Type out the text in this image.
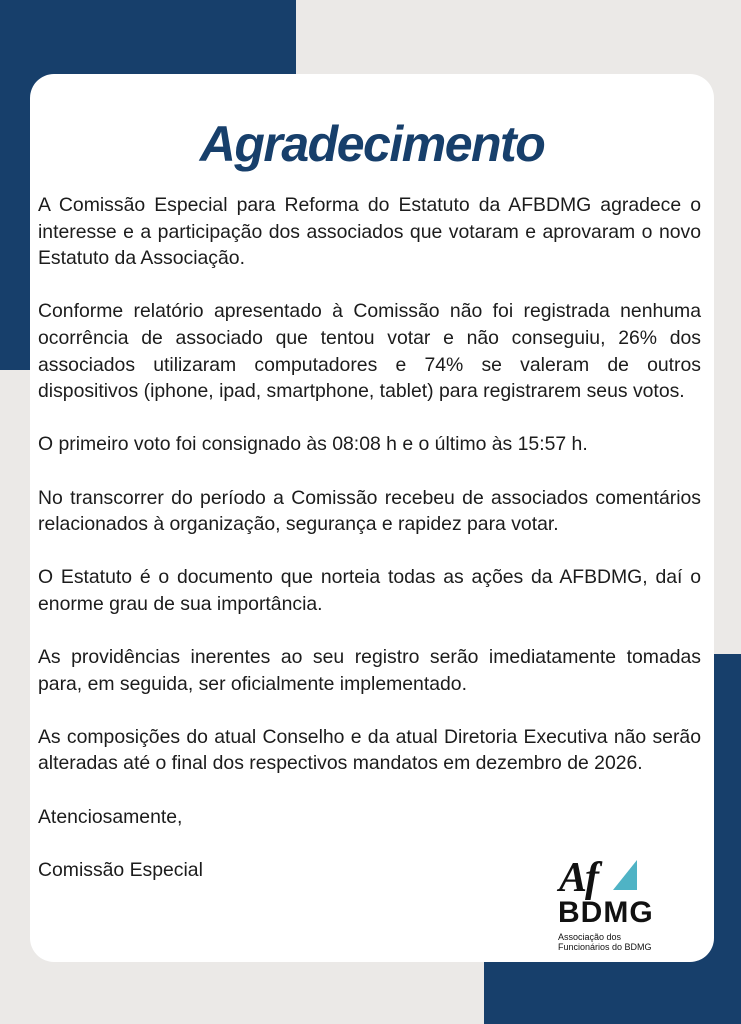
Agradecimento

A Comissão Especial para Reforma do Estatuto da AFBDMG agradece o interesse e a participação dos associados que votaram e aprovaram o novo Estatuto da Associação.

Conforme relatório apresentado à Comissão não foi registrada nenhuma ocorrência de associado que tentou votar e não conseguiu, 26% dos associados utilizaram computadores e 74% se valeram de outros dispositivos (iphone, ipad, smartphone, tablet) para registrarem seus votos.

O primeiro voto foi consignado às 08:08 h e o último às 15:57 h.

No transcorrer do período a Comissão recebeu de associados comentários relacionados à organização, segurança e rapidez para votar.

O Estatuto é o documento que norteia todas as ações da AFBDMG, daí o enorme grau de sua importância.

As providências inerentes ao seu registro serão imediatamente tomadas para, em seguida, ser oficialmente implementado.

As composições do atual Conselho e da atual Diretoria Executiva não serão alteradas até o final dos respectivos mandatos em dezembro de 2026.

Atenciosamente,

Comissão Especial	Af
BDMG
Associação dos
Funcionários do BDMG
